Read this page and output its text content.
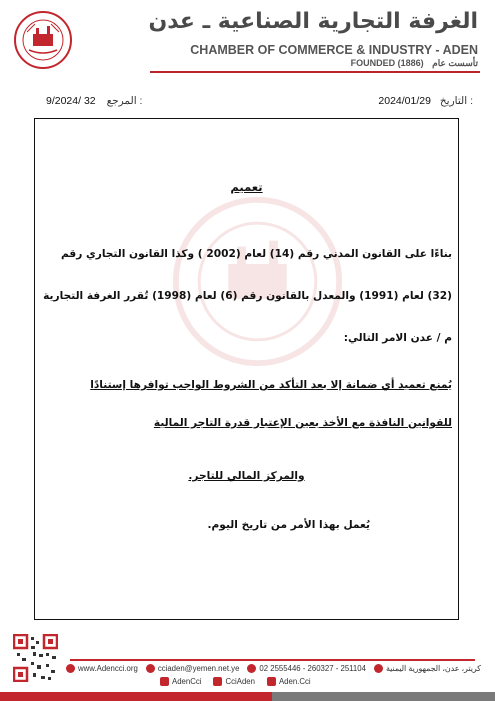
الغرفة التجارية الصناعية ـ عدن
CHAMBER OF COMMERCE & INDUSTRY - ADEN
FOUNDED (1886) تأسست عام
2024/01/29 التاريخ :
9/2024/ 32 المرجع :
تعميم
بناءًا على القانون المدني رقم (14) لعام (2002 ) وكذا القانون التجاري رقم
(32) لعام (1991) والمعدل بالقانون رقم (6) لعام (1998) تُقرر الغرفة التجارية
م / عدن الامر التالي:
يُمنع تعميد أي ضمانة إلا بعد التأكد من الشروط الواجب توافرها إستنادًا
للقوانين النافذة مع الأخذ بعين الإعتبار قدرة التاجر المالية
والمركز المالي للتاجر.
يُعمل بهذا الأمر من تاريخ اليوم.
www.Adencci.org	cciaden@yemen.net.ye	02 2555446 - 260327 - 251104	كريتر، عدن، الجمهورية اليمنية
AdenCci	CciAden	Aden.Cci
